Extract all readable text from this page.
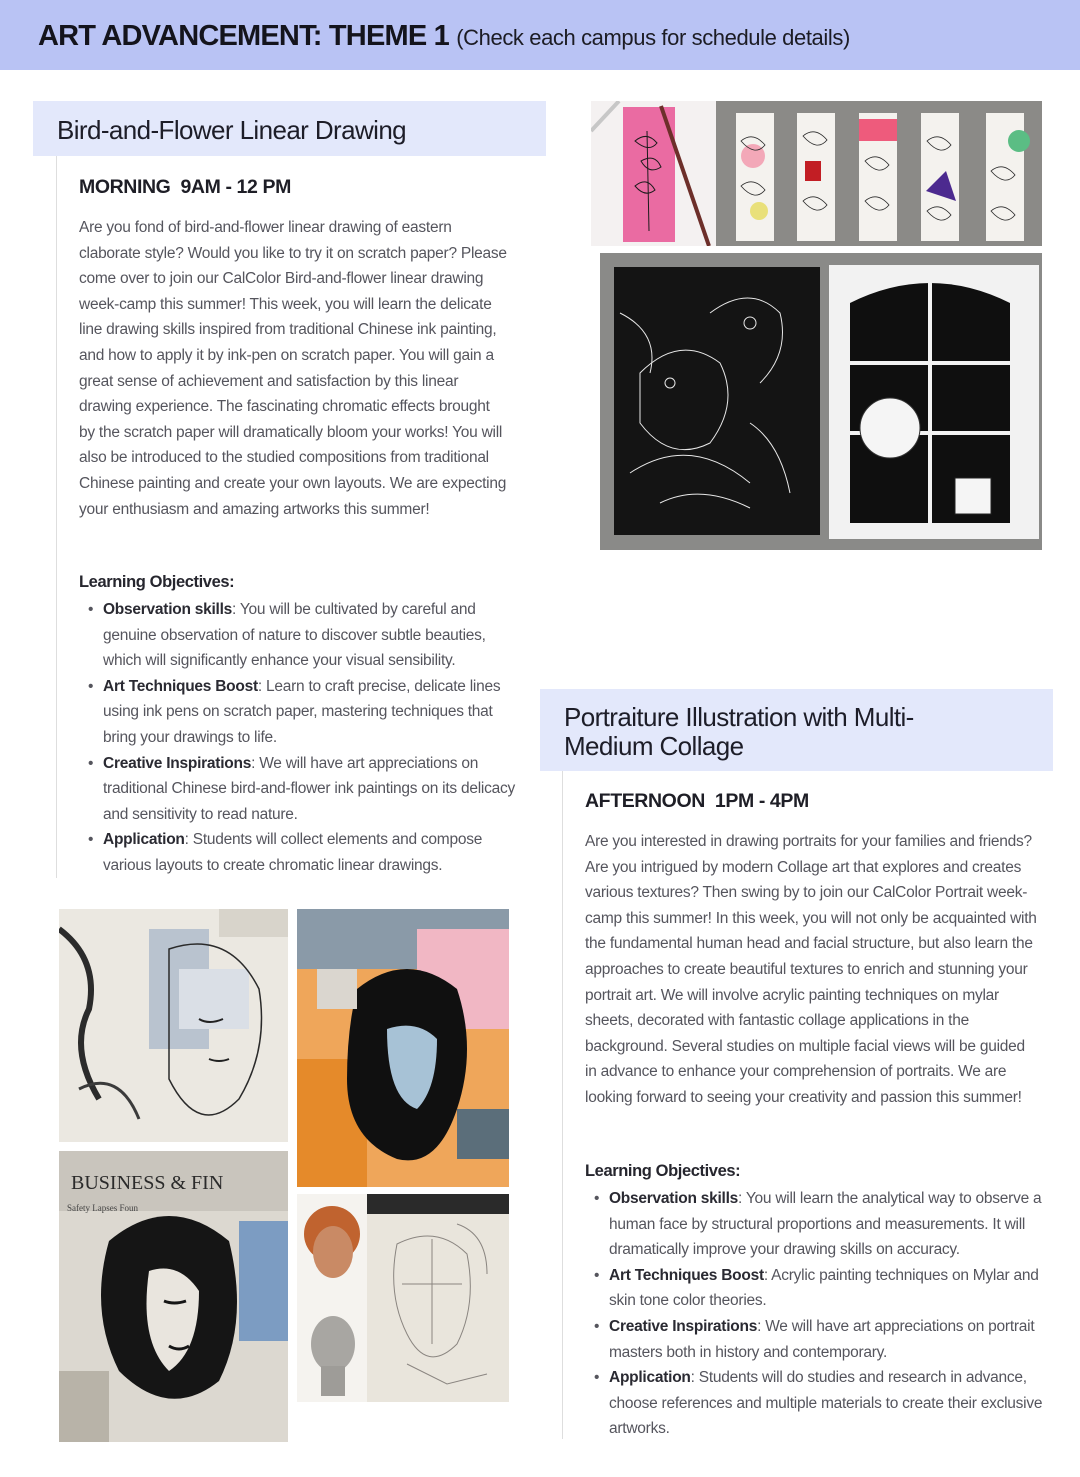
ART ADVANCEMENT: THEME 1 (Check each campus for schedule details)
Bird-and-Flower Linear Drawing
MORNING 9AM - 12 PM
Are you fond of bird-and-flower linear drawing of eastern claborate style? Would you like to try it on scratch paper? Please come over to join our CalColor Bird-and-flower linear drawing week-camp this summer! This week, you will learn the delicate line drawing skills inspired from traditional Chinese ink painting, and how to apply it by ink-pen on scratch paper. You will gain a great sense of achievement and satisfaction by this linear drawing experience. The fascinating chromatic effects brought by the scratch paper will dramatically bloom your works! You will also be introduced to the studied compositions from traditional Chinese painting and create your own layouts. We are expecting your enthusiasm and amazing artworks this summer!
Learning Objectives:
• Observation skills: You will be cultivated by careful and genuine observation of nature to discover subtle beauties, which will significantly enhance your visual sensibility.
• Art Techniques Boost: Learn to craft precise, delicate lines using ink pens on scratch paper, mastering techniques that bring your drawings to life.
• Creative Inspirations: We will have art appreciations on traditional Chinese bird-and-flower ink paintings on its delicacy and sensitivity to read nature.
• Application: Students will collect elements and compose various layouts to create chromatic linear drawings.
Portraiture Illustration with Multi-Medium Collage
AFTERNOON 1PM - 4PM
Are you interested in drawing portraits for your families and friends? Are you intrigued by modern Collage art that explores and creates various textures? Then swing by to join our CalColor Portrait week-camp this summer! In this week, you will not only be acquainted with the fundamental human head and facial structure, but also learn the approaches to create beautiful textures to enrich and stunning your portrait art. We will involve acrylic painting techniques on mylar sheets, decorated with fantastic collage applications in the background. Several studies on multiple facial views will be guided in advance to enhance your comprehension of portraits. We are looking forward to seeing your creativity and passion this summer!
Learning Objectives:
• Observation skills: You will learn the analytical way to observe a human face by structural proportions and measurements. It will dramatically improve your drawing skills on accuracy.
• Art Techniques Boost: Acrylic painting techniques on Mylar and skin tone color theories.
• Creative Inspirations: We will have art appreciations on portrait masters both in history and contemporary.
• Application: Students will do studies and research in advance, choose references and multiple materials to create their exclusive artworks.
BUSINESS & FIN
Safety Lapses Foun
